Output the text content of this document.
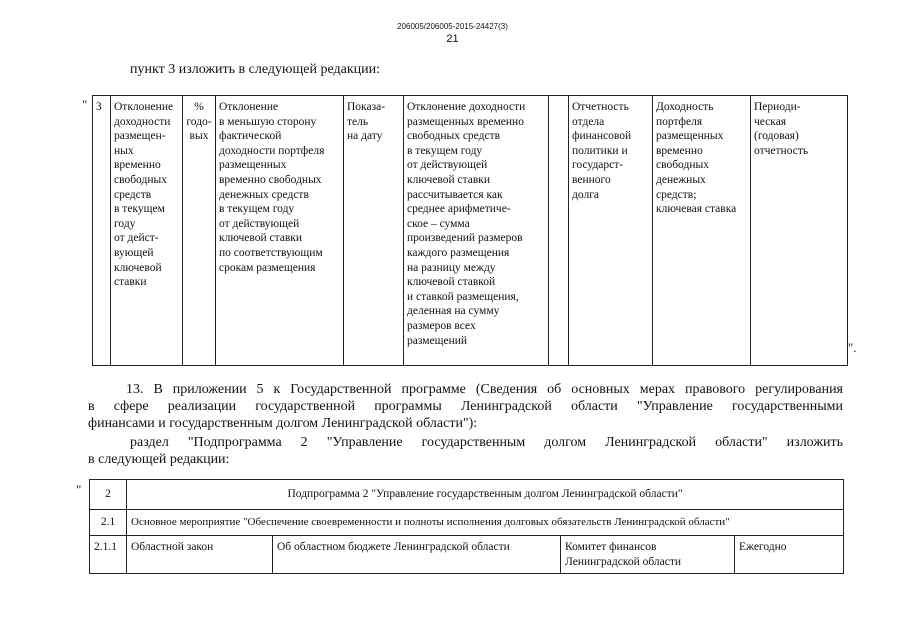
206005/206005-2015-24427(3)
21
пункт 3 изложить в следующей редакции:
" 3	Отклонение
доходности
размещен-
ных
временно
свободных
средств
в текущем
году
от дейст-
вующей
ключевой
ставки	%
годо-
вых	Отклонение
в меньшую сторону
фактической
доходности портфеля
размещенных
временно свободных
денежных средств
в текущем году
от действующей
ключевой ставки
по соответствующим
срокам размещения	Показа-
тель
на дату	Отклонение доходности
размещенных временно
свободных средств
в текущем году
от действующей
ключевой ставки
рассчитывается как
среднее арифметиче-
ское – сумма
произведений размеров
каждого размещения
на разницу между
ключевой ставкой
и ставкой размещения,
деленная на сумму
размеров всех
размещений		Отчетность
отдела
финансовой
политики и
государст-
венного
долга	Доходность
портфеля
размещенных
временно
свободных
денежных
средств;
ключевая ставка	Периоди-
ческая
(годовая)
отчетность
".
13. В приложении 5 к Государственной программе (Сведения об основных мерах правового регулирования
в сфере реализации государственной программы Ленинградской области "Управление государственными
финансами и государственным долгом Ленинградской области"):
раздел "Подпрограмма 2 "Управление государственным долгом Ленинградской области" изложить
в следующей редакции:
" 2	Подпрограмма 2 "Управление государственным долгом Ленинградской области"			
2.1	Основное мероприятие "Обеспечение своевременности и полноты исполнения долговых обязательств Ленинградской области"			
2.1.1	Областной закон	Об областном бюджете Ленинградской области	Комитет финансов
Ленинградской области	Ежегодно
